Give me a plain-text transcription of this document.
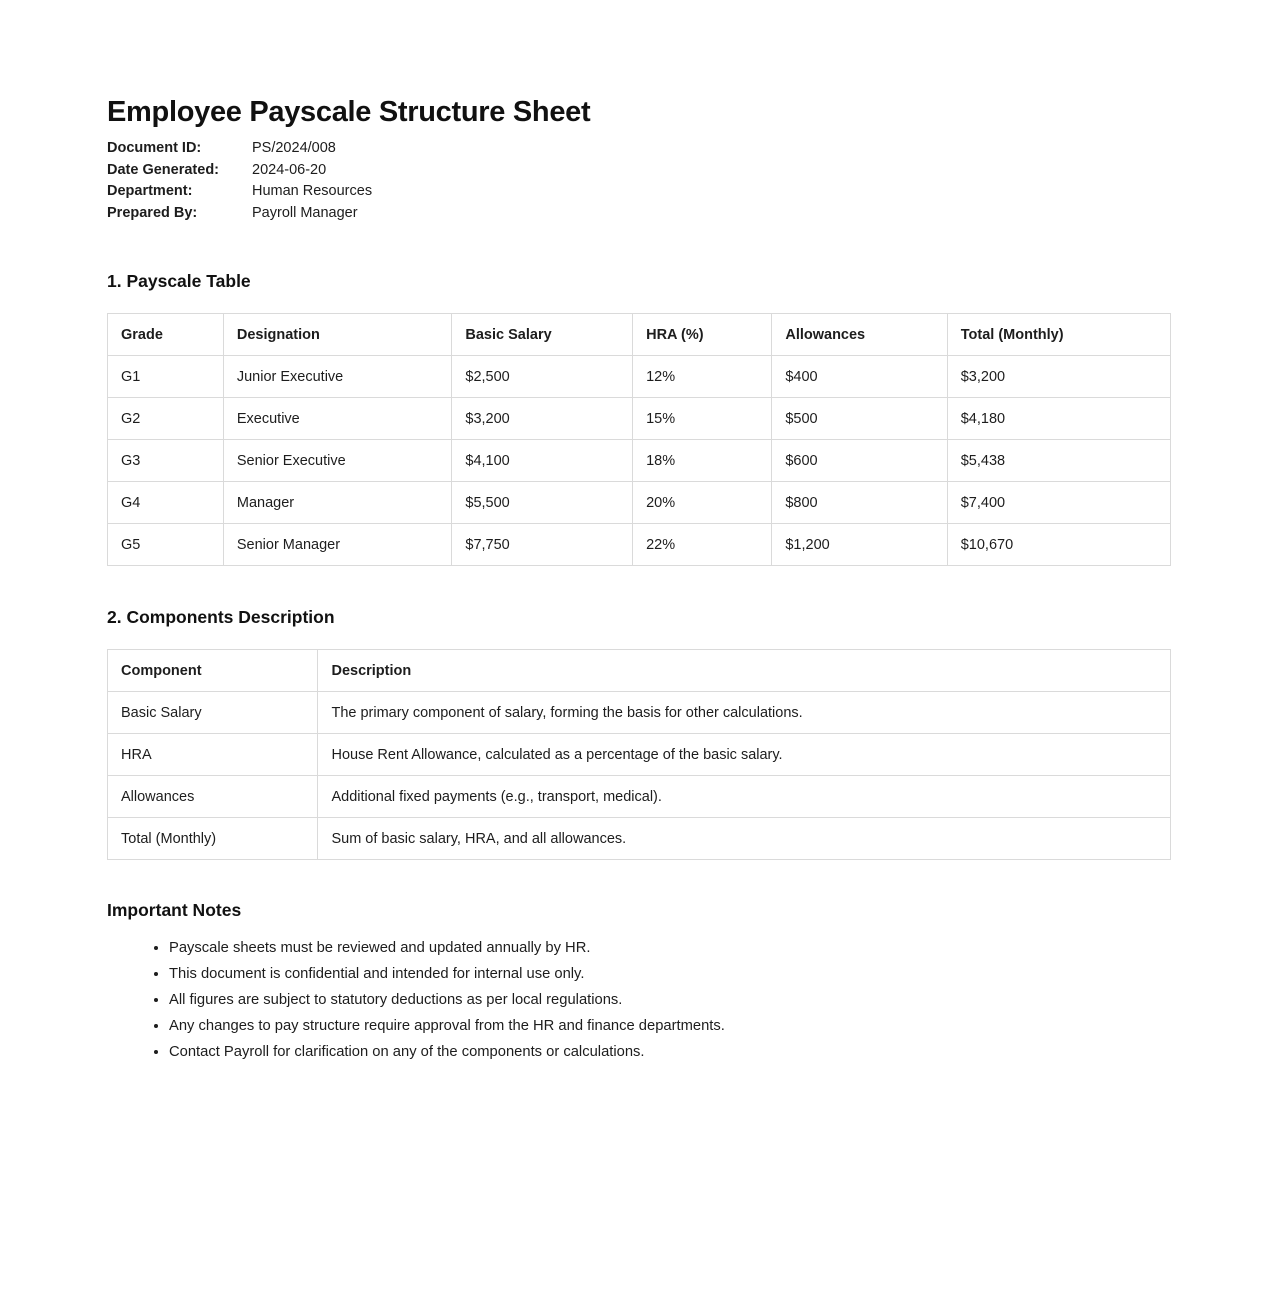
Employee Payscale Structure Sheet
Document ID:	PS/2024/008
Date Generated:	2024-06-20
Department:	Human Resources
Prepared By:	Payroll Manager
1. Payscale Table
Grade	Designation	Basic Salary	HRA (%)	Allowances	Total (Monthly)
G1	Junior Executive	$2,500	12%	$400	$3,200
G2	Executive	$3,200	15%	$500	$4,180
G3	Senior Executive	$4,100	18%	$600	$5,438
G4	Manager	$5,500	20%	$800	$7,400
G5	Senior Manager	$7,750	22%	$1,200	$10,670
2. Components Description
Component	Description
Basic Salary	The primary component of salary, forming the basis for other calculations.
HRA	House Rent Allowance, calculated as a percentage of the basic salary.
Allowances	Additional fixed payments (e.g., transport, medical).
Total (Monthly)	Sum of basic salary, HRA, and all allowances.
Important Notes
• Payscale sheets must be reviewed and updated annually by HR.
• This document is confidential and intended for internal use only.
• All figures are subject to statutory deductions as per local regulations.
• Any changes to pay structure require approval from the HR and finance departments.
• Contact Payroll for clarification on any of the components or calculations.
